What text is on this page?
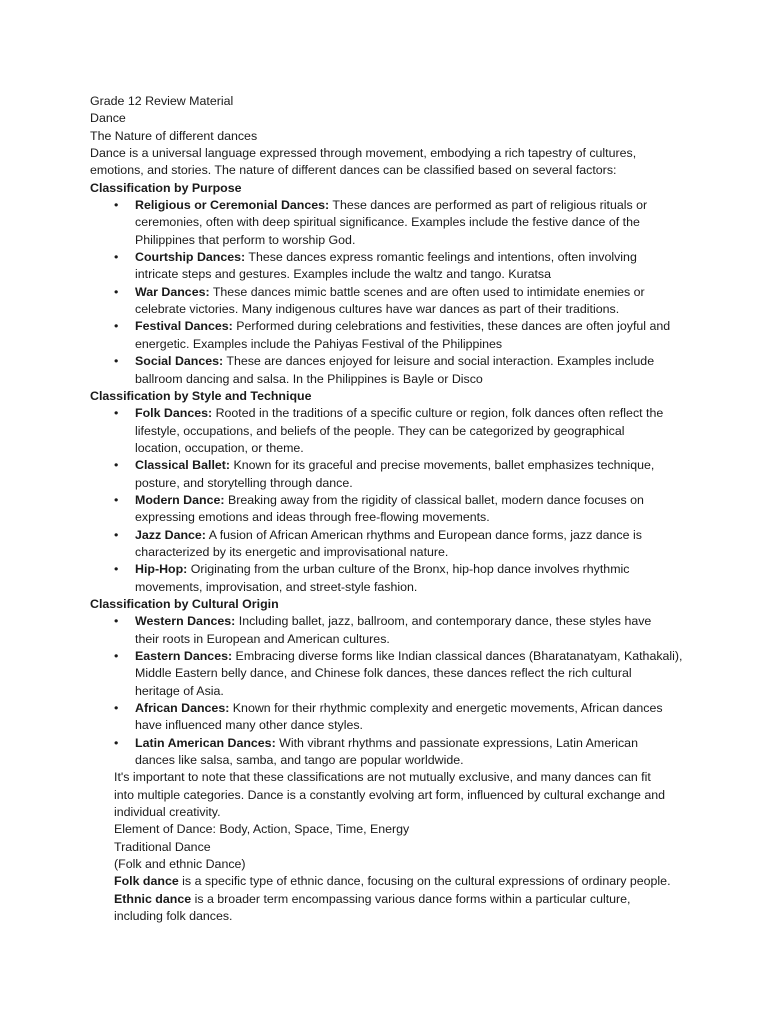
Grade 12 Review Material
Dance
The Nature of different dances
Dance is a universal language expressed through movement, embodying a rich tapestry of cultures,
emotions, and stories. The nature of different dances can be classified based on several factors:
Classification by Purpose
• Religious or Ceremonial Dances: These dances are performed as part of religious rituals or
ceremonies, often with deep spiritual significance. Examples include the festive dance of the
Philippines that perform to worship God.
• Courtship Dances: These dances express romantic feelings and intentions, often involving
intricate steps and gestures. Examples include the waltz and tango. Kuratsa
• War Dances: These dances mimic battle scenes and are often used to intimidate enemies or
celebrate victories. Many indigenous cultures have war dances as part of their traditions.
• Festival Dances: Performed during celebrations and festivities, these dances are often joyful and
energetic. Examples include the Pahiyas Festival of the Philippines
• Social Dances: These are dances enjoyed for leisure and social interaction. Examples include
ballroom dancing and salsa. In the Philippines is Bayle or Disco
Classification by Style and Technique
• Folk Dances: Rooted in the traditions of a specific culture or region, folk dances often reflect the
lifestyle, occupations, and beliefs of the people. They can be categorized by geographical
location, occupation, or theme.
• Classical Ballet: Known for its graceful and precise movements, ballet emphasizes technique,
posture, and storytelling through dance.
• Modern Dance: Breaking away from the rigidity of classical ballet, modern dance focuses on
expressing emotions and ideas through free-flowing movements.
• Jazz Dance: A fusion of African American rhythms and European dance forms, jazz dance is
characterized by its energetic and improvisational nature.
• Hip-Hop: Originating from the urban culture of the Bronx, hip-hop dance involves rhythmic
movements, improvisation, and street-style fashion.
Classification by Cultural Origin
• Western Dances: Including ballet, jazz, ballroom, and contemporary dance, these styles have
their roots in European and American cultures.
• Eastern Dances: Embracing diverse forms like Indian classical dances (Bharatanatyam, Kathakali),
Middle Eastern belly dance, and Chinese folk dances, these dances reflect the rich cultural
heritage of Asia.
• African Dances: Known for their rhythmic complexity and energetic movements, African dances
have influenced many other dance styles.
• Latin American Dances: With vibrant rhythms and passionate expressions, Latin American
dances like salsa, samba, and tango are popular worldwide.
It's important to note that these classifications are not mutually exclusive, and many dances can fit
into multiple categories. Dance is a constantly evolving art form, influenced by cultural exchange and
individual creativity.
Element of Dance: Body, Action, Space, Time, Energy
Traditional Dance
(Folk and ethnic Dance)
Folk dance is a specific type of ethnic dance, focusing on the cultural expressions of ordinary people.
Ethnic dance is a broader term encompassing various dance forms within a particular culture,
including folk dances.
